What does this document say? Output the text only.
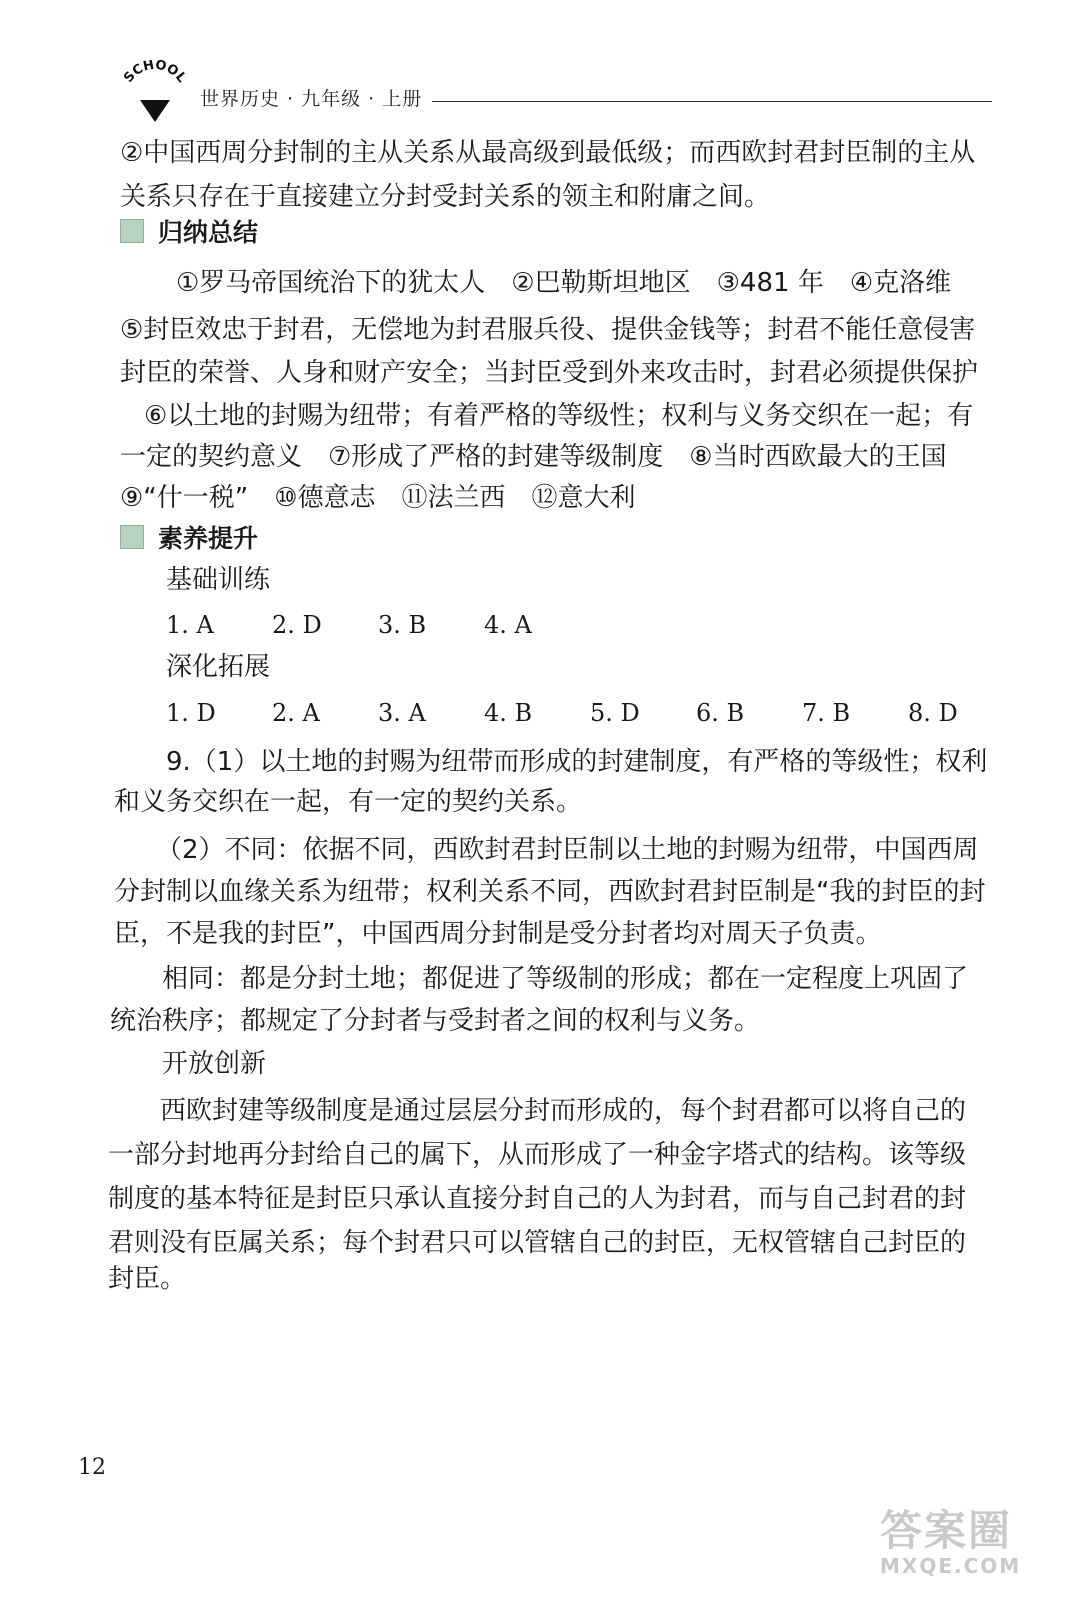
SCHOOL
世界历史 · 九年级 · 上册
②中国西周分封制的主从关系从最高级到最低级；而西欧封君封臣制的主从
关系只存在于直接建立分封受封关系的领主和附庸之间。
归纳总结
①罗马帝国统治下的犹太人　②巴勒斯坦地区　③481 年　④克洛维
⑤封臣效忠于封君，无偿地为封君服兵役、提供金钱等；封君不能任意侵害
封臣的荣誉、人身和财产安全；当封臣受到外来攻击时，封君必须提供保护
⑥以土地的封赐为纽带；有着严格的等级性；权利与义务交织在一起；有
一定的契约意义　⑦形成了严格的封建等级制度　⑧当时西欧最大的王国
⑨“什一税”　⑩德意志　⑪法兰西　⑫意大利
素养提升
基础训练
1. A 2. D 3. B 4. A
深化拓展
1. D 2. A 3. A 4. B 5. D 6. B 7. B 8. D
9.（1）以土地的封赐为纽带而形成的封建制度，有严格的等级性；权利
和义务交织在一起，有一定的契约关系。
（2）不同：依据不同，西欧封君封臣制以土地的封赐为纽带，中国西周
分封制以血缘关系为纽带；权利关系不同，西欧封君封臣制是“我的封臣的封
臣，不是我的封臣”，中国西周分封制是受分封者均对周天子负责。
相同：都是分封土地；都促进了等级制的形成；都在一定程度上巩固了
统治秩序；都规定了分封者与受封者之间的权利与义务。
开放创新
西欧封建等级制度是通过层层分封而形成的，每个封君都可以将自己的
一部分封地再分封给自己的属下，从而形成了一种金字塔式的结构。该等级
制度的基本特征是封臣只承认直接分封自己的人为封君，而与自己封君的封
君则没有臣属关系；每个封君只可以管辖自己的封臣，无权管辖自己封臣的
封臣。
12
答案圈
MXQE.COM
